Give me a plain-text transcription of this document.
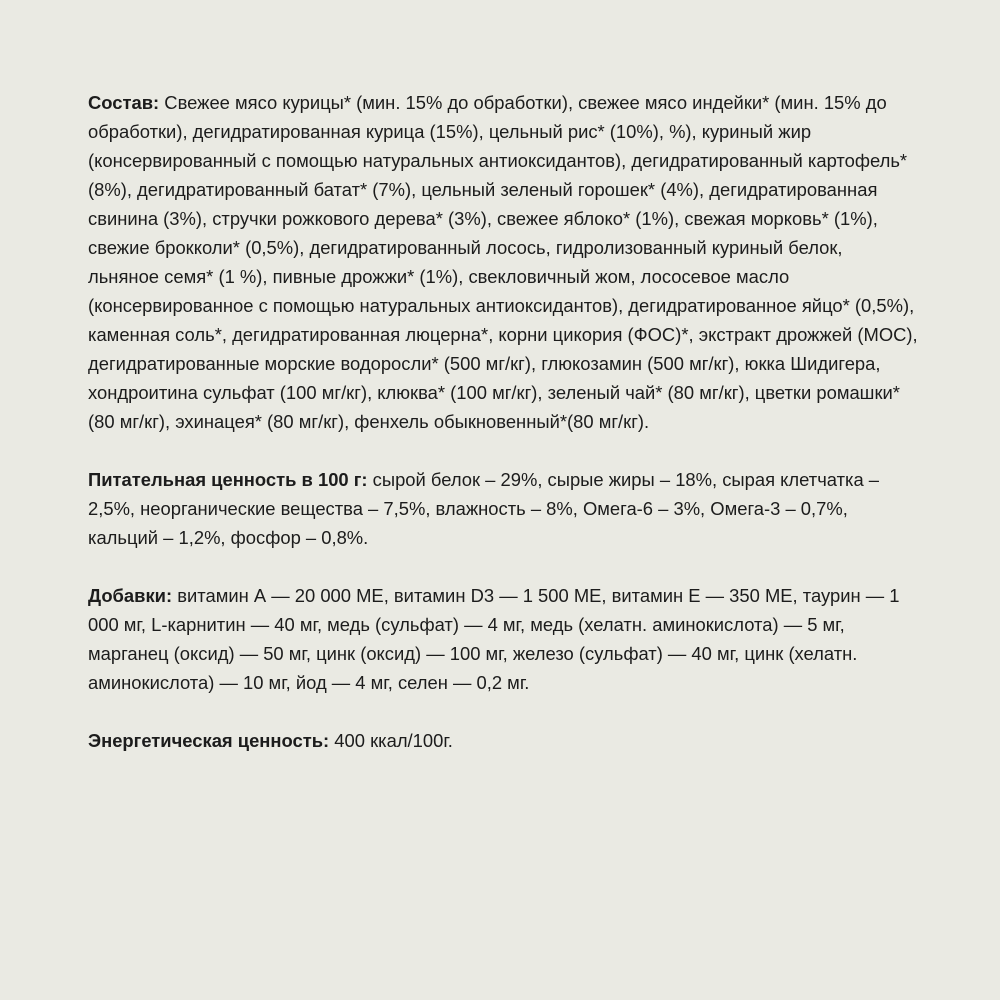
Состав: Свежее мясо курицы* (мин. 15% до обработки), свежее мясо индейки* (мин. 15% до обработки), дегидратированная курица (15%), цельный рис* (10%), %), куриный жир (консервированный с помощью натуральных антиоксидантов), дегидратированный картофель* (8%), дегидратированный батат* (7%), цельный зеленый горошек* (4%), дегидратированная свинина (3%), стручки рожкового дерева* (3%), свежее яблоко* (1%), свежая морковь* (1%), свежие брокколи* (0,5%), дегидратированный лосось, гидролизованный куриный белок, льняное семя* (1 %), пивные дрожжи* (1%), свекловичный жом, лососевое масло (консервированное с помощью натуральных антиоксидантов), дегидратированное яйцо* (0,5%), каменная соль*, дегидратированная люцерна*, корни цикория (ФОС)*, экстракт дрожжей (МОС), дегидратированные морские водоросли* (500 мг/кг), глюкозамин (500 мг/кг), юкка Шидигера, хондроитина сульфат (100 мг/кг), клюква* (100 мг/кг), зеленый чай* (80 мг/кг), цветки ромашки* (80 мг/кг), эхинацея* (80 мг/кг), фенхель обыкновенный*(80 мг/кг).

Питательная ценность в 100 г: сырой белок – 29%, сырые жиры – 18%, сырая клетчатка – 2,5%, неорганические вещества – 7,5%, влажность – 8%, Омега-6 – 3%, Омега-3 – 0,7%, кальций – 1,2%, фосфор – 0,8%.

Добавки: витамин А — 20 000 МЕ, витамин D3 — 1 500 МЕ, витамин Е — 350 МЕ, таурин — 1 000 мг, L-карнитин — 40 мг, медь (сульфат) — 4 мг, медь (хелатн. аминокислота) — 5 мг, марганец (оксид) — 50 мг, цинк (оксид) — 100 мг, железо (сульфат) — 40 мг, цинк (хелатн. аминокислота) — 10 мг, йод — 4 мг, селен — 0,2 мг.

Энергетическая ценность: 400 ккал/100г.
